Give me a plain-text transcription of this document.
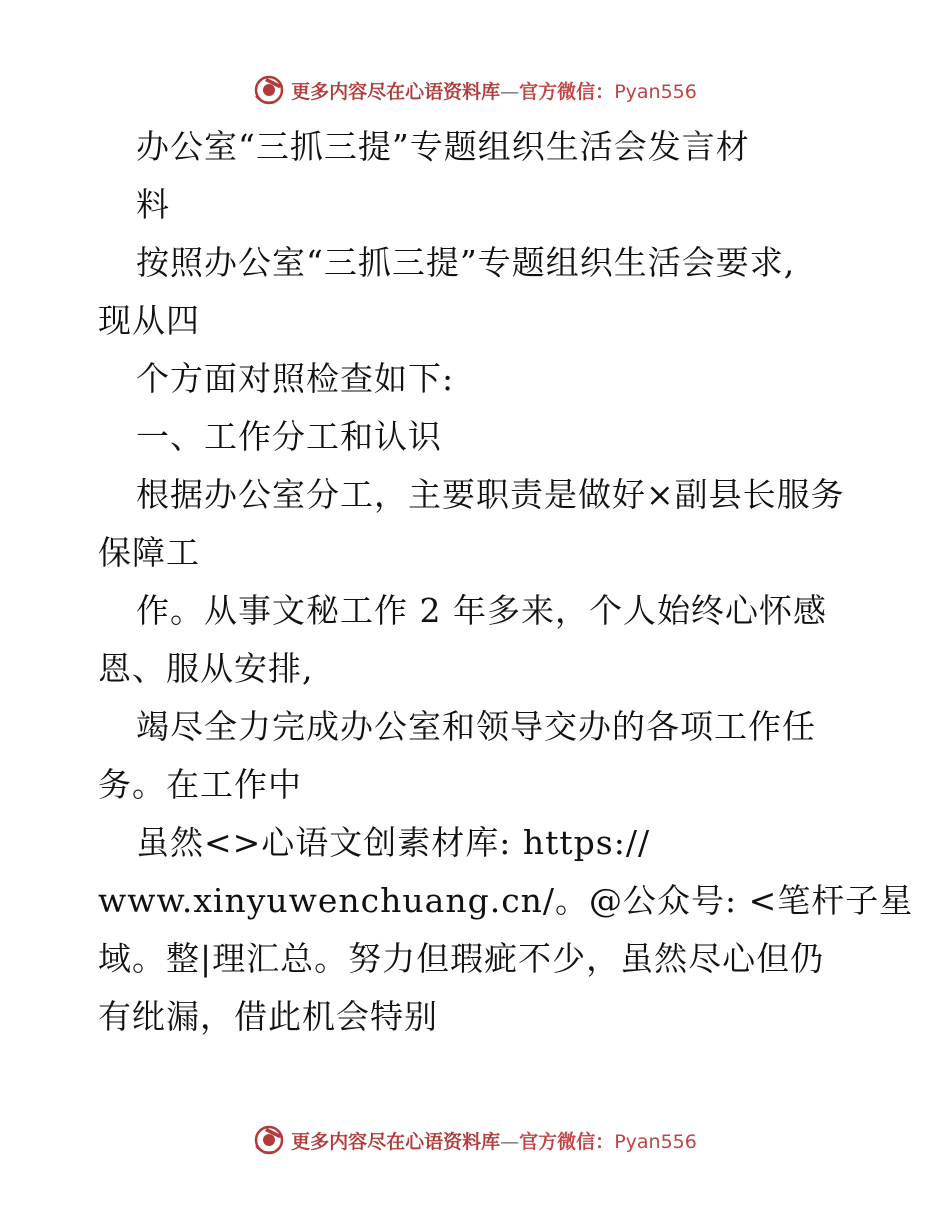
更多内容尽在心语资料库—官方微信：Pyan556
办公室“三抓三提”专题组织生活会发言材
料
按照办公室“三抓三提”专题组织生活会要求,
现从四
个方面对照检查如下:
一、工作分工和认识
根据办公室分工，主要职责是做好×副县长服务
保障工
作。从事文秘工作 2 年多来，个人始终心怀感
恩、服从安排,
竭尽全力完成办公室和领导交办的各项工作任
务。在工作中
虽然<>心语文创素材库: https://
www.xinyuwenchuang.cn/。@公众号: <笔杆子星
域。整|理汇总。努力但瑕疵不少，虽然尽心但仍
有纰漏，借此机会特别
更多内容尽在心语资料库—官方微信：Pyan556
